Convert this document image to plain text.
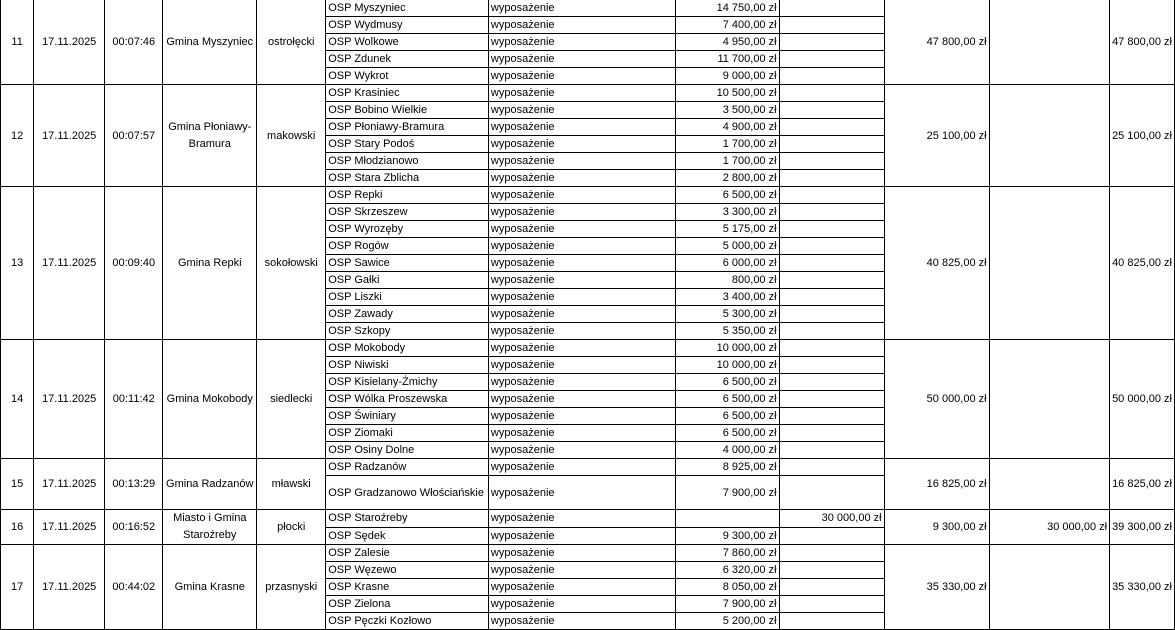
11	17.11.2025	00:07:46	Gmina Myszyniec	ostrołęcki	OSP Myszyniec	wyposażenie	14 750,00 zł		47 800,00 zł		47 800,00 zł
					OSP Wydmusy	wyposażenie	7 400,00 zł				
					OSP Wolkowe	wyposażenie	4 950,00 zł				
					OSP Zdunek	wyposażenie	11 700,00 zł				
					OSP Wykrot	wyposażenie	9 000,00 zł				
12	17.11.2025	00:07:57	Gmina Płoniawy-Bramura	makowski	OSP Krasiniec	wyposażenie	10 500,00 zł		25 100,00 zł		25 100,00 zł
					OSP Bobino Wielkie	wyposażenie	3 500,00 zł				
					OSP Płoniawy-Bramura	wyposażenie	4 900,00 zł				
					OSP Stary Podoś	wyposażenie	1 700,00 zł				
					OSP Młodzianowo	wyposażenie	1 700,00 zł				
					OSP Stara Zblicha	wyposażenie	2 800,00 zł				
13	17.11.2025	00:09:40	Gmina Repki	sokołowski	OSP Repki	wyposażenie	6 500,00 zł		40 825,00 zł		40 825,00 zł
					OSP Skrzeszew	wyposażenie	3 300,00 zł				
					OSP Wyrozęby	wyposażenie	5 175,00 zł				
					OSP Rogów	wyposażenie	5 000,00 zł				
					OSP Sawice	wyposażenie	6 000,00 zł				
					OSP Gałki	wyposażenie	800,00 zł				
					OSP Liszki	wyposażenie	3 400,00 zł				
					OSP Zawady	wyposażenie	5 300,00 zł				
					OSP Szkopy	wyposażenie	5 350,00 zł				
14	17.11.2025	00:11:42	Gmina Mokobody	siedlecki	OSP Mokobody	wyposażenie	10 000,00 zł		50 000,00 zł		50 000,00 zł
					OSP Niwiski	wyposażenie	10 000,00 zł				
					OSP Kisielany-Żmichy	wyposażenie	6 500,00 zł				
					OSP Wólka Proszewska	wyposażenie	6 500,00 zł				
					OSP Świniary	wyposażenie	6 500,00 zł				
					OSP Ziomaki	wyposażenie	6 500,00 zł				
					OSP Osiny Dolne	wyposażenie	4 000,00 zł				
15	17.11.2025	00:13:29	Gmina Radzanów	mławski	OSP Radzanów	wyposażenie	8 925,00 zł		16 825,00 zł		16 825,00 zł
					OSP Gradzanowo Włościańskie	wyposażenie	7 900,00 zł				
16	17.11.2025	00:16:52	Miasto i Gmina Staroźreby	płocki	OSP Staroźreby	wyposażenie		30 000,00 zł	9 300,00 zł	30 000,00 zł	39 300,00 zł
					OSP Sędek	wyposażenie	9 300,00 zł				
17	17.11.2025	00:44:02	Gmina Krasne	przasnyski	OSP Zalesie	wyposażenie	7 860,00 zł		35 330,00 zł		35 330,00 zł
					OSP Węzewo	wyposażenie	6 320,00 zł				
					OSP Krasne	wyposażenie	8 050,00 zł				
					OSP Zielona	wyposażenie	7 900,00 zł				
					OSP Pęczki Kozłowo	wyposażenie	5 200,00 zł				
